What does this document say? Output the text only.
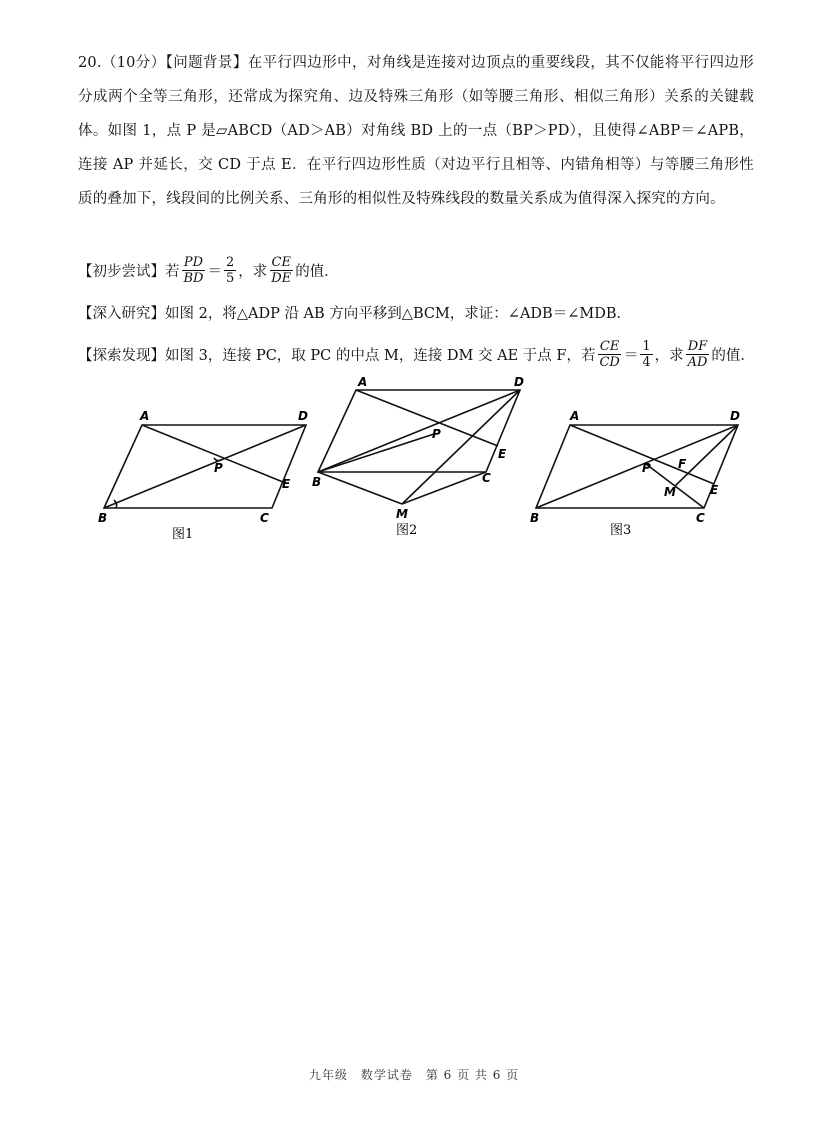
20.（10分）【问题背景】在平行四边形中，对角线是连接对边顶点的重要线段，其不仅能将平行四边形分成两个全等三角形，还常成为探究角、边及特殊三角形（如等腰三角形、相似三角形）关系的关键载体。如图 1，点 P 是▱ABCD（AD＞AB）对角线 BD 上的一点（BP＞PD），且使得∠ABP＝∠APB，连接 AP 并延长，交 CD 于点 E．在平行四边形性质（对边平行且相等、内错角相等）与等腰三角形性质的叠加下，线段间的比例关系、三角形的相似性及特殊线段的数量关系成为值得深入探究的方向。
【初步尝试】若 $\frac{PD}{BD} = \frac{2}{5}$ ，求 $\frac{CE}{DE}$ 的值．
【深入研究】如图 2，将△ADP 沿 AB 方向平移到△BCM，求证：∠ADB＝∠MDB．
【探索发现】如图 3，连接 PC，取 PC 的中点 M，连接 DM 交 AE 于点 F，若 $\frac{CE}{CD} = \frac{1}{4}$ ，求 $\frac{DF}{AD}$ 的值．
A	D
B	C
P
E
A	D
B	C
P
E
M
A	D
B	C
P F
M	E
图1	图2	图3
九年级　数学试卷　第 6 页 共 6 页
